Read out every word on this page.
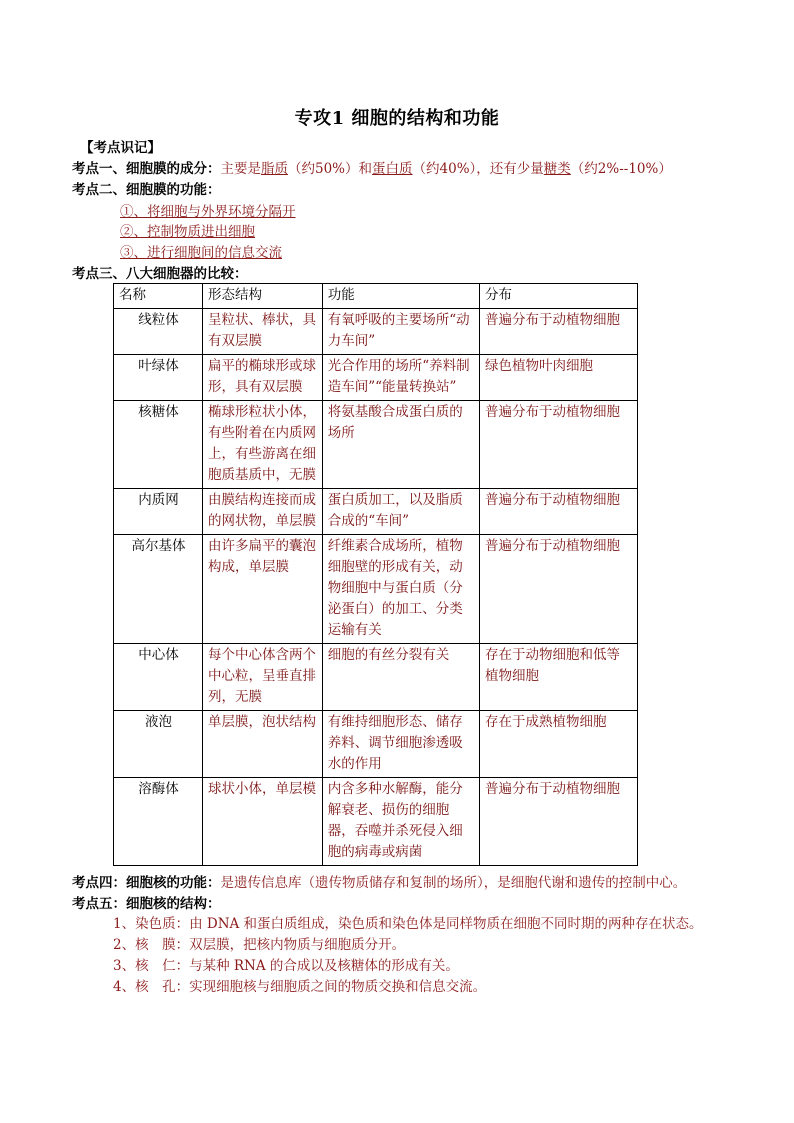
专攻1 细胞的结构和功能
【考点识记】
考点一、细胞膜的成分：主要是脂质（约50%）和蛋白质（约40%），还有少量糖类（约2%--10%）
考点二、细胞膜的功能：
①、将细胞与外界环境分隔开
②、控制物质进出细胞
③、进行细胞间的信息交流
考点三、八大细胞器的比较：
名称	形态结构	功能	分布
线粒体	呈粒状、棒状，具有双层膜	有氧呼吸的主要场所“动力车间”	普遍分布于动植物细胞
叶绿体	扁平的椭球形或球形，具有双层膜	光合作用的场所“养料制造车间”“能量转换站”	绿色植物叶肉细胞
核糖体	椭球形粒状小体，有些附着在内质网上，有些游离在细胞质基质中，无膜	将氨基酸合成蛋白质的场所	普遍分布于动植物细胞
内质网	由膜结构连接而成的网状物，单层膜	蛋白质加工，以及脂质合成的“车间”	普遍分布于动植物细胞
高尔基体	由许多扁平的囊泡构成，单层膜	纤维素合成场所，植物细胞壁的形成有关，动物细胞中与蛋白质（分泌蛋白）的加工、分类运输有关	普遍分布于动植物细胞
中心体	每个中心体含两个中心粒，呈垂直排列，无膜	细胞的有丝分裂有关	存在于动物细胞和低等植物细胞
液泡	单层膜，泡状结构	有维持细胞形态、储存养料、调节细胞渗透吸水的作用	存在于成熟植物细胞
溶酶体	球状小体，单层模	内含多种水解酶，能分解衰老、损伤的细胞器，吞噬并杀死侵入细胞的病毒或病菌	普遍分布于动植物细胞
考点四：细胞核的功能：是遗传信息库（遗传物质储存和复制的场所），是细胞代谢和遗传的控制中心。
考点五：细胞核的结构：
1、染色质：由 DNA 和蛋白质组成，染色质和染色体是同样物质在细胞不同时期的两种存在状态。
2、核　膜：双层膜，把核内物质与细胞质分开。
3、核　仁：与某种 RNA 的合成以及核糖体的形成有关。
4、核　孔：实现细胞核与细胞质之间的物质交换和信息交流。
